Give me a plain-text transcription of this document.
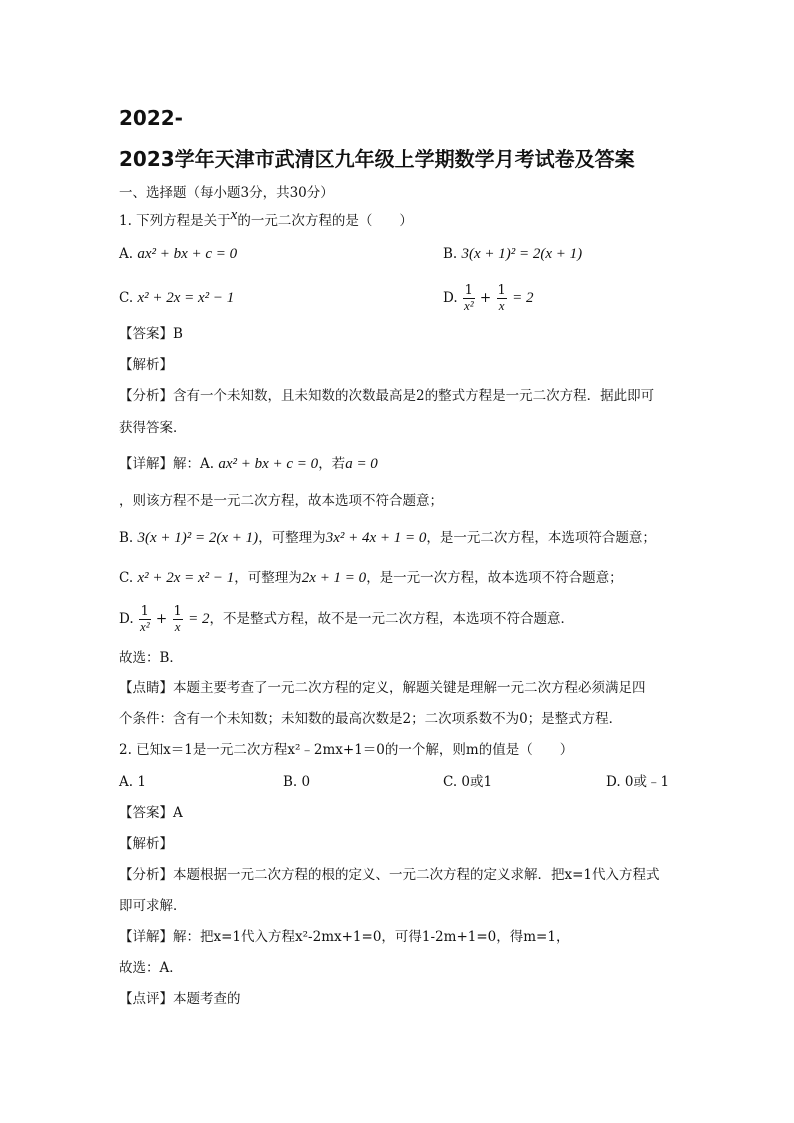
2022-
2023学年天津市武清区九年级上学期数学月考试卷及答案
一、选择题（每小题3分，共30分）
1. 下列方程是关于$^x$的一元二次方程的是（　　）
A. ax² + bx + c = 0	B. 3(x + 1)² = 2(x + 1)
C. x² + 2x = x² − 1	D. $\frac{1}{\text{x²}} + \frac{1}{x} = 2$
【答案】B
【解析】
【分析】含有一个未知数，且未知数的次数最高是2的整式方程是一元二次方程．据此即可
获得答案．
【详解】解：A. ax² + bx + c = 0，若a = 0
，则该方程不是一元二次方程，故本选项不符合题意；
B. 3(x + 1)² = 2(x + 1)，可整理为3x² + 4x + 1 = 0，是一元二次方程，本选项符合题意；
C. x² + 2x = x² − 1，可整理为2x + 1 = 0，是一元一次方程，故本选项不符合题意；
D. $\frac{1}{\text{x²}} + \frac{1}{x} = 2$，不是整式方程，故不是一元二次方程，本选项不符合题意．
故选：B．
【点睛】本题主要考查了一元二次方程的定义，解题关键是理解一元二次方程必须满足四
个条件：含有一个未知数；未知数的最高次数是2；二次项系数不为0；是整式方程．
2. 已知x＝1是一元二次方程x²﹣2mx+1＝0的一个解，则m的值是（　　）
A. 1	B. 0	C. 0或1	D. 0或﹣1
【答案】A
【解析】
【分析】本题根据一元二次方程的根的定义、一元二次方程的定义求解．把x=1代入方程式
即可求解．
【详解】解：把x=1代入方程x²-2mx+1=0，可得1-2m+1=0，得m=1，
故选：A．
【点评】本题考查的
